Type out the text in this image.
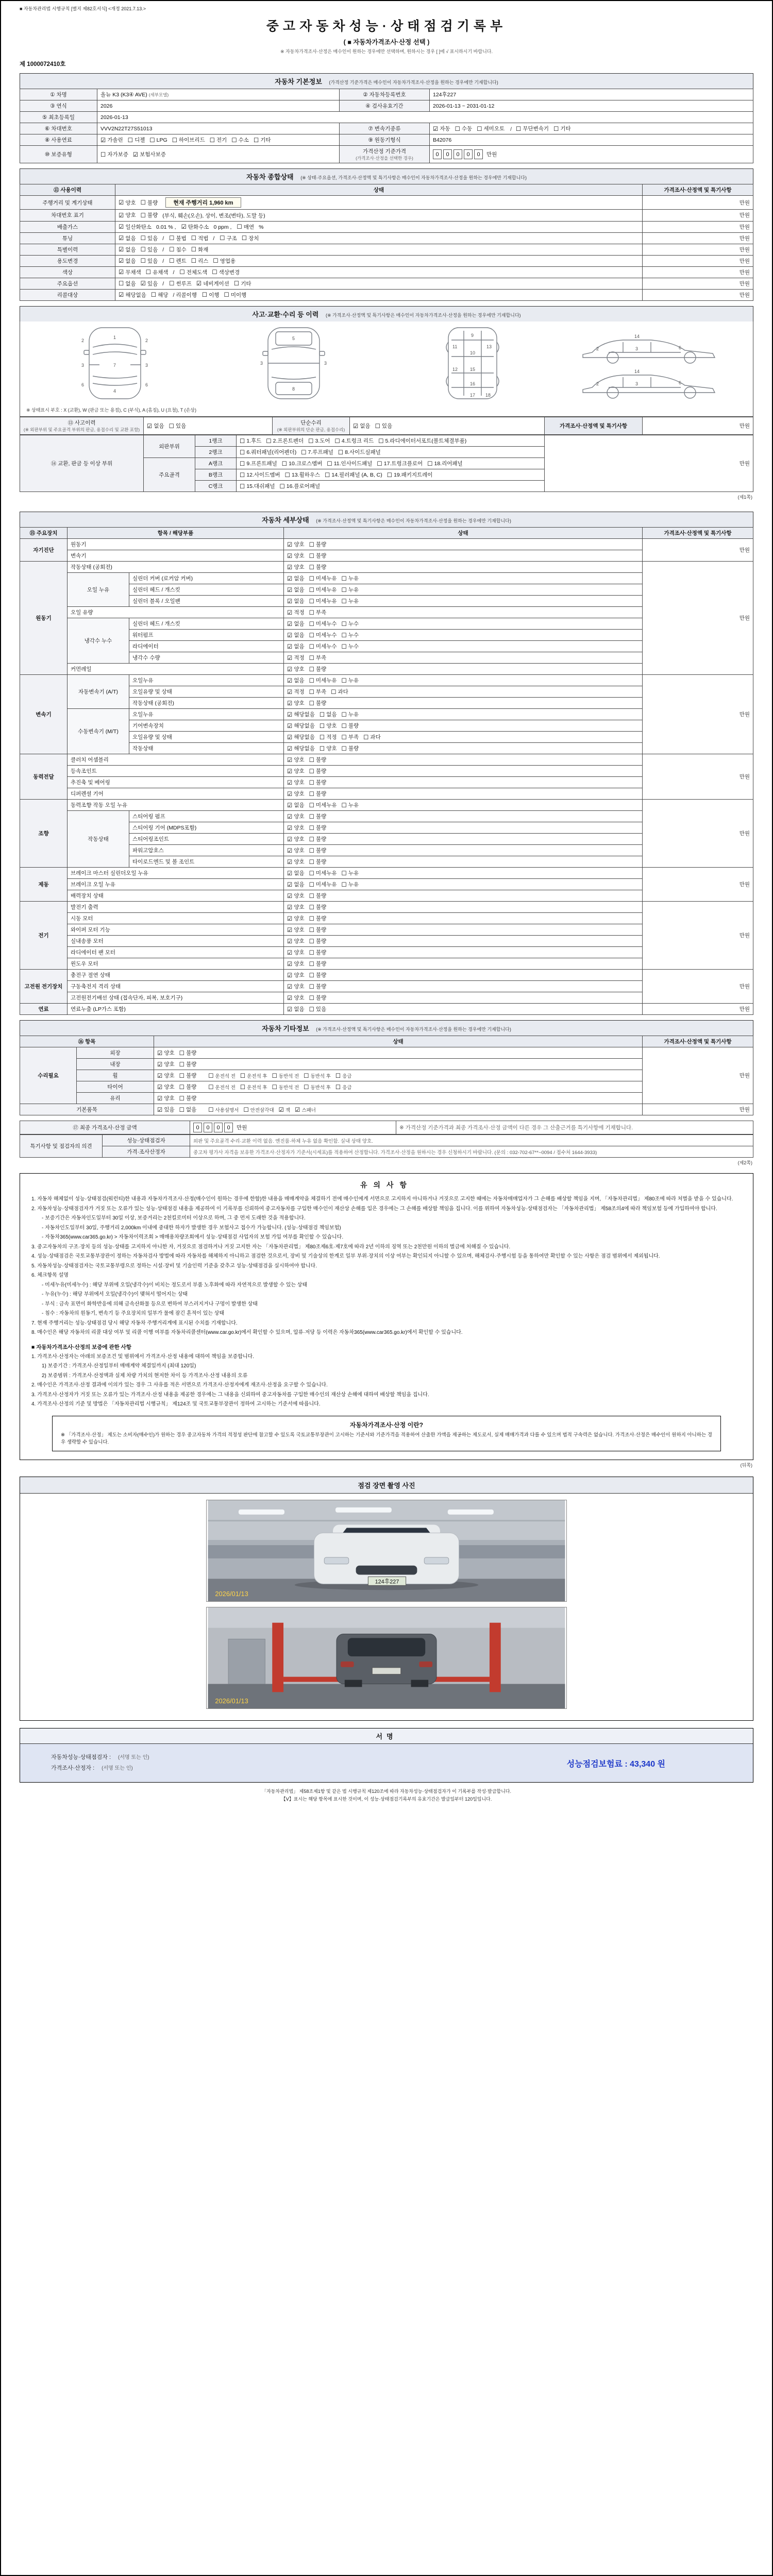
■ 자동차관리법 시행규칙 [별지 제82호서식] <개정 2021.7.13.>
중고자동차성능·상태점검기록부
( ■ 자동차가격조사·산정 선택 )
※ 자동차가격조사·산정은 매수인이 원하는 경우에만 선택하며, 원하시는 경우 [ ]에 √ 표시하시기 바랍니다.
제 1000072410호
자동차 기본정보 (가격산정 기준가격은 매수인이 자동차가격조사·산정을 원하는 경우에만 기재합니다)
① 차명	올뉴 K3 (K3④ AVE) (세부모델)	② 자동차등록번호	124후227
③ 연식	2026	④ 검사유효기간	2026-01-13 ~ 2031-01-12
⑤ 최초등록일	2026-01-13		
⑥ 차대번호	VVV2N22T27S51013	⑦ 변속기종류	☑ 자동 ☐ 수동 ☐ 세미오토 / ☐ 무단변속기 ☐ 기타

⑧ 사용연료	☑ 가솔린 ☐ 디젤 ☐ LPG ☐ 하이브리드 ☐ 전기 ☐ 수소 ☐ 기타	⑨ 원동기형식	B42076
⑩ 보증유형	☐ 자가보증 ☑ 보험사보증	가격산정 기준가격
(가격조사·산정을 선택한 경우)	0 0 0 0 0 만원
자동차 종합상태 (※ 상태·주요옵션, 가격조사·산정액 및 특기사항은 매수인이 자동차가격조사·산정을 원하는 경우에만 기재합니다)
⑪ 사용이력	상태	가격조사·산정액 및 특기사항
주행거리 및 계기상태	☑ 양호 ☐ 불량 현재 주행거리 1,960 km	만원
차대번호 표기	☑ 양호 ☐ 불량 (부식, 훼손(오손), 상이, 변조(변타), 도말 등)	만원
배출가스	☑ 일산화탄소 0.01 % , ☑ 탄화수소 0 ppm , ☐ 매연 %	만원
튜닝	☑ 없음 ☐ 있음 / ☐ 불법 ☐ 적법 / ☐ 구조 ☐ 장치	만원
특별이력	☑ 없음 ☐ 있음 / ☐ 침수 ☐ 화재	만원
용도변경	☑ 없음 ☐ 있음 / ☐ 렌트 ☐ 리스 ☐ 영업용	만원
색상	☑ 무채색 ☐ 유채색 / ☐ 전체도색 ☐ 색상변경	만원
주요옵션	☐ 없음 ☑ 있음 / ☐ 썬루프 ☑ 네비게이션 ☐ 기타	만원
리콜대상	☑ 해당없음 ☐ 해당 / 리콜이행 ☐ 이행 ☐ 미이행	만원
사고·교환·수리 등 이력 (※ 가격조사·산정액 및 특기사항은 매수인이 자동차가격조사·산정을 원하는 경우에만 기재합니다)
1
2	2
3	3
4
7
6	6
5
8
3	3
9
11	13
10
12	15
16
17 18
14
2	3	6
14
2	3	6
※ 상태표시 부호 : X (교환), W (판금 또는 용접), C (부식), A (흠집), U (요철), T (손상)
⑬ 사고이력
(※ 외판부위 및 주요골격 부위의 판금, 용접수리 및 교환 포함)

☑ 없음 ☐ 있음	단순수리
(※ 외판부위의 단순 판금, 용접수리)

☑ 없음 ☐ 있음	가격조사·산정액 및 특기사항	만원
⑭ 교환, 판금 등 이상 부위	외판부위	1랭크	☐ 1.후드 ☐ 2.프론트펜더 ☐ 3.도어 ☐ 4.트렁크 리드 ☐ 5.라디에이터서포트(볼트체결부품)
	만원
2랭크	☐ 6.쿼터패널(리어펜더) ☐ 7.루프패널 ☐ 8.사이드실패널

주요골격	A랭크	☐ 9.프론트패널 ☐ 10.크로스멤버 ☐ 11.인사이드패널 ☐ 17.트렁크플로어 ☐ 18.리어패널

B랭크	☐ 12.사이드멤버 ☐ 13.휠하우스 ☐ 14.필러패널 (A, B, C) ☐ 19.패키지트레이

		C랭크	☐ 15.대쉬패널 ☐ 16.플로어패널	
(제1쪽)
자동차 세부상태 (※ 가격조사·산정액 및 특기사항은 매수인이 자동차가격조사·산정을 원하는 경우에만 기재합니다)
⑮ 주요장치	항목 / 해당부품		상태	가격조사·산정액 및 특기사항
자기진단	원동기		☑ 양호 ☐ 불량	만원
	변속기		☑ 양호 ☐ 불량	

원동기	작동상태 (공회전)		☑ 양호 ☐ 불량	만원
오일 누유	실린더 커버 (로커암 커버)	☑ 없음 ☐ 미세누유 ☐ 누유

실린더 헤드 / 개스킷	☑ 없음 ☐ 미세누유 ☐ 누유

실린더 블록 / 오일팬	☑ 없음 ☐ 미세누유 ☐ 누유

	오일 유량		☑ 적정 ☐ 부족	

냉각수 누수	실린더 헤드 / 개스킷	☑ 없음 ☐ 미세누수 ☐ 누수

워터펌프	☑ 없음 ☐ 미세누수 ☐ 누수

라디에이터	☑ 없음 ☐ 미세누수 ☐ 누수

		냉각수 수량	☑ 적정 ☐ 부족	

	커먼레일		☑ 양호 ☐ 불량	

변속기	자동변속기 (A/T)	오일누유	☑ 없음 ☐ 미세누유 ☐ 누유
	만원
오일유량 및 상태	☑ 적정 ☐ 부족 ☐ 과다

		작동상태 (공회전)	☑ 양호 ☐ 불량	

수동변속기 (M/T)	오일누유	☑ 해당없음 ☐ 없음 ☐ 누유

기어변속장치	☑ 해당없음 ☐ 양호 ☐ 불량

오일유량 및 상태	☑ 해당없음 ☐ 적정 ☐ 부족 ☐ 과다

작동상태	☑ 해당없음 ☐ 양호 ☐ 불량

동력전달	클러치 어셈블리		☑ 양호 ☐ 불량	만원
	등속조인트		☑ 양호 ☐ 불량	

	추진축 및 베어링		☑ 양호 ☐ 불량	

	디퍼렌셜 기어		☑ 양호 ☐ 불량	

조향	동력조향 작동 오일 누유	☑ 없음 ☐ 미세누유 ☐ 누유
	만원
	작동상태	스티어링 펌프	☑ 양호 ☐ 불량	

		스티어링 기어 (MDPS포함)	☑ 양호 ☐ 불량	

		스티어링조인트	☑ 양호 ☐ 불량	

		파워고압호스	☑ 양호 ☐ 불량	

		타이로드엔드 및 볼 조인트	☑ 양호 ☐ 불량	

제동	브레이크 마스터 실린더오일 누유	☑ 없음 ☐ 미세누유 ☐ 누유
	만원
브레이크 오일 누유	☑ 없음 ☐ 미세누유 ☐ 누유

	배력장치 상태		☑ 양호 ☐ 불량	

전기	발전기 출력		☑ 양호 ☐ 불량	만원
	시동 모터		☑ 양호 ☐ 불량	

	와이퍼 모터 기능		☑ 양호 ☐ 불량	

	실내송풍 모터		☑ 양호 ☐ 불량	

	라디에이터 팬 모터		☑ 양호 ☐ 불량	

	윈도우 모터		☑ 양호 ☐ 불량	

고전원 전기장치	충전구 절연 상태		☑ 양호 ☐ 불량	만원
	구동축전지 격리 상태		☑ 양호 ☐ 불량	

	고전원전기배선 상태 (접속단자, 피복, 보호기구)		☑ 양호 ☐ 불량	

연료	연료누출 (LP가스 포함)		☑ 없음 ☐ 있음	만원
자동차 기타정보 (※ 가격조사·산정액 및 특기사항은 매수인이 자동차가격조사·산정을 원하는 경우에만 기재합니다)
⑯ 항목		상태	가격조사·산정액 및 특기사항
수리필요	외장	☑ 양호 ☐ 불량	만원
	내장	☑ 양호 ☐ 불량	

휠	☑ 양호 ☐ 불량 ☐ 운전석 전 ☐ 운전석 후 ☐ 동반석 전 ☐ 동반석 후 ☐ 응급

타이어	☑ 양호 ☐ 불량 ☐ 운전석 전 ☐ 운전석 후 ☐ 동반석 전 ☐ 동반석 후 ☐ 응급

	유리	☑ 양호 ☐ 불량	

기본품목	☑ 있음 ☐ 없음 ☐ 사용설명서 ☐ 안전삼각대 ☑ 잭 ☑ 스패너	만원
⑰ 최종 가격조사·산정 금액	0 0 0 0 만원	※ 가격산정 기준가격과 최종 가격조사·산정 금액이 다른 경우 그 산출근거를 특기사항에 기재합니다.
특기사항 및 점검자의 의견	성능·상태점검자	외판 및 주요골격 수리·교환 이력 없음. 엔진룸·하체 누유 없음 확인함. 실내 상태 양호.
	가격·조사산정자	중고차 평가사 자격을 보유한 가격조사·산정자가 기준서(시세표)를 적용하여 산정합니다. 가격조사·산정을 원하시는 경우 신청하시기 바랍니다. (문의 : 032-702-67**~0094 / 접수처 1644-3933)
(제2쪽)
유의사항
1. 자동차 해체없이 성능·상태점검(워런티)한 내용과 자동차가격조사·산정(매수인이 원하는 경우에 한함)한 내용을 매매계약을 체결하기 전에 매수인에게 서면으로 고지하지 아니하거나 거짓으로 고지한 때에는 자동차매매업자가 그 손해를 배상할 책임을 지며, 「자동차관리법」 제80조에 따라 처벌을 받을 수 있습니다.
2. 자동차성능·상태점검자가 거짓 또는 오류가 있는 성능·상태점검 내용을 제공하여 이 기록부를 신뢰하여 중고자동차를 구입한 매수인이 재산상 손해를 입은 경우에는 그 손해를 배상할 책임을 집니다. 이를 위하여 자동차성능·상태점검자는 「자동차관리법」 제58조의4에 따라 책임보험 등에 가입하여야 합니다.
- 보증기간은 자동차인도일부터 30일 이상, 보증거리는 2천킬로미터 이상으로 하며, 그 중 먼저 도래한 것을 적용합니다.
- 자동차인도일부터 30일, 주행거리 2,000km 이내에 중대한 하자가 발생한 경우 보험사고 접수가 가능합니다. (성능·상태점검 책임보험)
- 자동차365(www.car365.go.kr) > 자동차이력조회 > 매매용차량조회에서 성능·상태점검 사업자의 보험 가입 여부를 확인할 수 있습니다.
3. 중고자동차의 구조·장치 등의 성능·상태를 고지하지 아니한 자, 거짓으로 점검하거나 거짓 고지한 자는 「자동차관리법」 제80조제6호·제7호에 따라 2년 이하의 징역 또는 2천만원 이하의 벌금에 처해질 수 있습니다.
4. 성능·상태점검은 국토교통부장관이 정하는 자동차검사 방법에 따라 자동차를 해체하지 아니하고 점검한 것으로서, 장비 및 기술상의 한계로 일부 부위·장치의 이상 여부는 확인되지 아니할 수 있으며, 해체검사·주행시험 등을 통하여만 확인할 수 있는 사항은 점검 범위에서 제외됩니다.
5. 자동차성능·상태점검자는 국토교통부령으로 정하는 시설·장비 및 기술인력 기준을 갖추고 성능·상태점검을 실시하여야 합니다.
6. 체크항목 설명
- 미세누유(미세누수) : 해당 부위에 오일(냉각수)이 비치는 정도로서 부품 노후화에 따라 자연적으로 발생할 수 있는 상태
- 누유(누수) : 해당 부위에서 오일(냉각수)이 맺혀서 떨어지는 상태
- 부식 : 금속 표면이 화학반응에 의해 금속산화물 등으로 변하여 부스러지거나 구멍이 발생한 상태
- 침수 : 자동차의 원동기, 변속기 등 주요장치의 일부가 물에 잠긴 흔적이 있는 상태
7. 현재 주행거리는 성능·상태점검 당시 해당 자동차 주행거리계에 표시된 수치를 기재합니다.
8. 매수인은 해당 자동차의 리콜 대상 여부 및 리콜 이행 여부를 자동차리콜센터(www.car.go.kr)에서 확인할 수 있으며, 압류·저당 등 이력은 자동차365(www.car365.go.kr)에서 확인할 수 있습니다.
■ 자동차가격조사·산정의 보증에 관한 사항
1. 가격조사·산정자는 아래의 보증조건 및 범위에서 가격조사·산정 내용에 대하여 책임을 보증합니다.
1) 보증기간 : 가격조사·산정일부터 매매계약 체결일까지 (최대 120일)
2) 보증범위 : 가격조사·산정액과 실제 차량 가치의 현저한 차이 등 가격조사·산정 내용의 오류
2. 매수인은 가격조사·산정 결과에 이의가 있는 경우 그 사유를 적은 서면으로 가격조사·산정자에게 재조사·산정을 요구할 수 있습니다.
3. 가격조사·산정자가 거짓 또는 오류가 있는 가격조사·산정 내용을 제공한 경우에는 그 내용을 신뢰하여 중고자동차를 구입한 매수인의 재산상 손해에 대하여 배상할 책임을 집니다.
4. 가격조사·산정의 기준 및 방법은 「자동차관리법 시행규칙」 제124조 및 국토교통부장관이 정하여 고시하는 기준서에 따릅니다.
자동차가격조사·산정 이란?
※ 「가격조사·산정」 제도는 소비자(매수인)가 원하는 경우 중고자동차 가격의 적정성 판단에 참고할 수 있도록 국토교통부장관이 고시하는 기준서와 기준가격을 적용하여 산출한 가액을 제공하는 제도로서, 실제 매매가격과 다를 수 있으며 법적 구속력은 없습니다. 가격조사·산정은 매수인이 원하지 아니하는 경우 생략할 수 있습니다.
(뒤쪽)
점검 장면 촬영 사진
124후227
2026/01/13
2026/01/13
서명
자동차성능·상태점검자 : (서명 또는 인)
가격조사·산정자 : (서명 또는 인)	성능점검보험료 : 43,340 원
「자동차관리법」 제58조제1항 및 같은 법 시행규칙 제120조에 따라 자동차성능·상태점검자가 이 기록부를 작성·발급합니다.
【Ⅴ】표시는 해당 항목에 표시한 것이며, 이 성능·상태점검기록부의 유효기간은 발급일부터 120일입니다.
